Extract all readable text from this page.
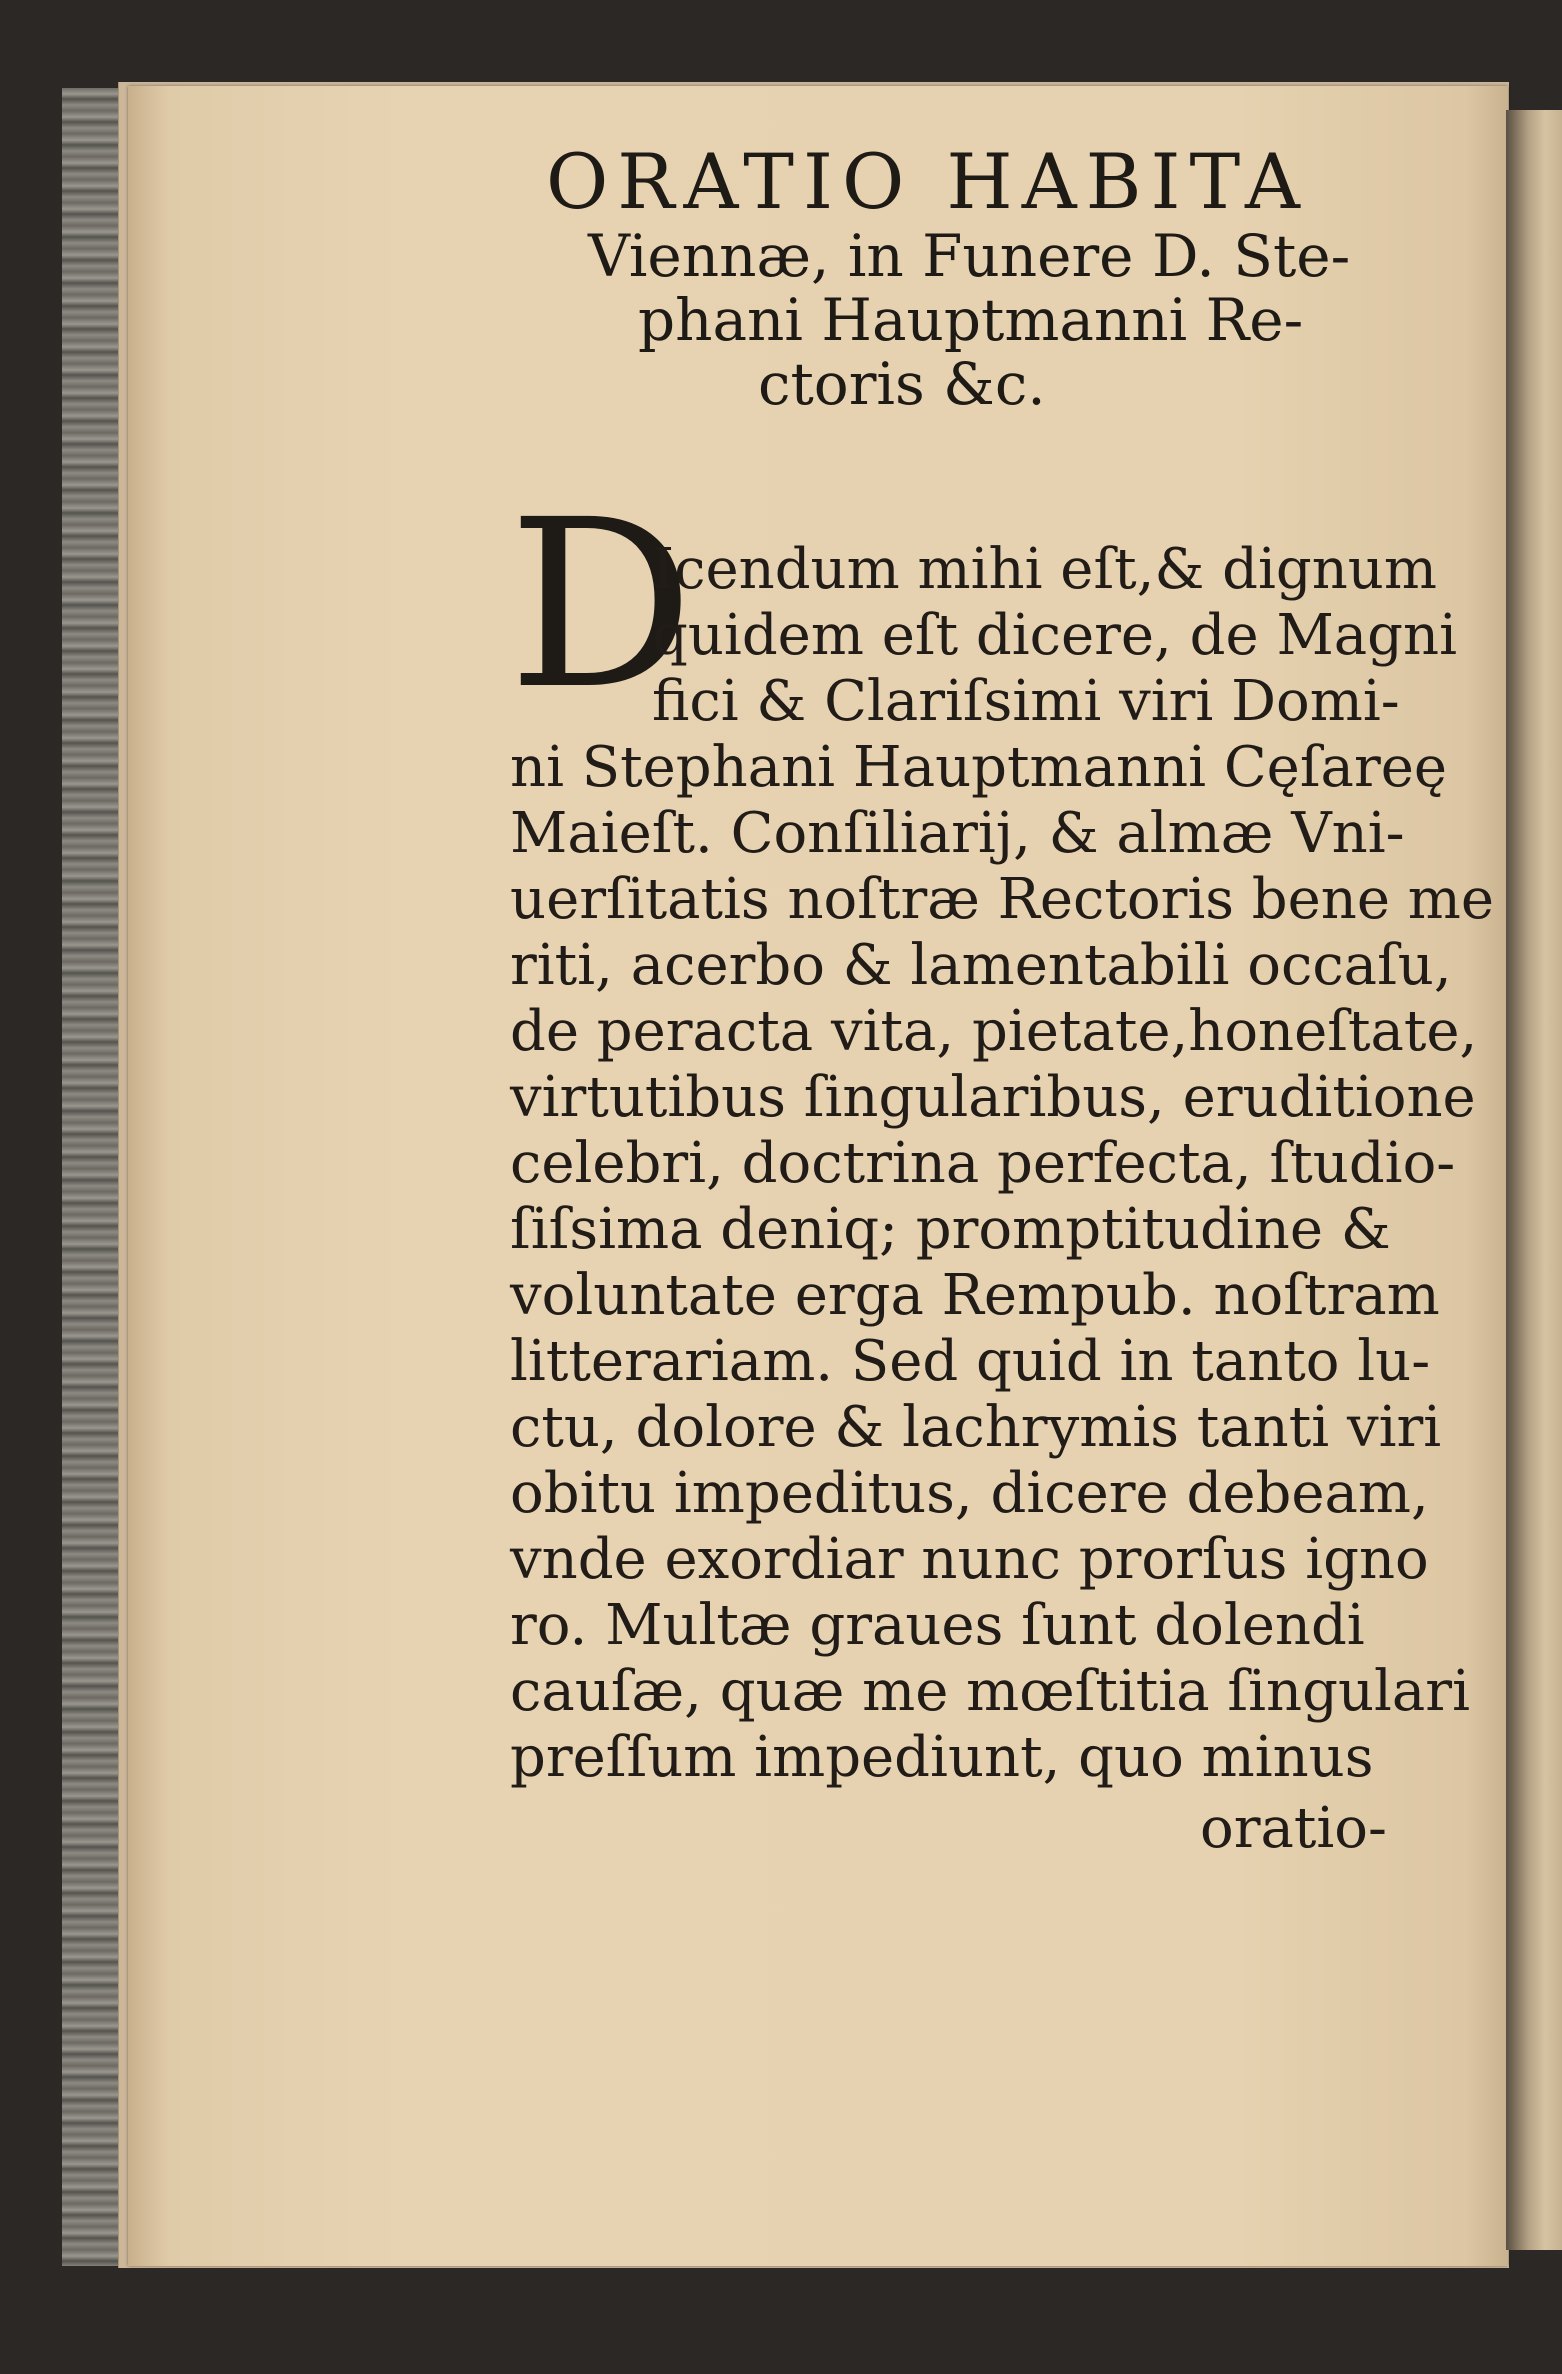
ORATIO HABITA
Viennæ, in Funere D. Ste-
phani Hauptmanni Re-
ctoris &c.
D
Icendum mihi eſt,& dignum
quidem eſt dicere, de Magni
fici & Clariſsimi viri Domi-
ni Stephani Hauptmanni Cęſareę
Maieſt. Conſiliarij, & almæ Vni-
uerſitatis noſtræ Rectoris bene me
riti, acerbo & lamentabili occaſu,
de peracta vita, pietate,honeſtate,
virtutibus ſingularibus, eruditione
celebri, doctrina perfecta, ſtudio-
ſiſsima deniq; promptitudine &
voluntate erga Rempub. noſtram
litterariam. Sed quid in tanto lu-
ctu, dolore & lachrymis tanti viri
obitu impeditus, dicere debeam,
vnde exordiar nunc prorſus igno
ro. Multæ graues ſunt dolendi
cauſæ, quæ me mœſtitia ſingulari
preſſum impediunt, quo minus
oratio-
